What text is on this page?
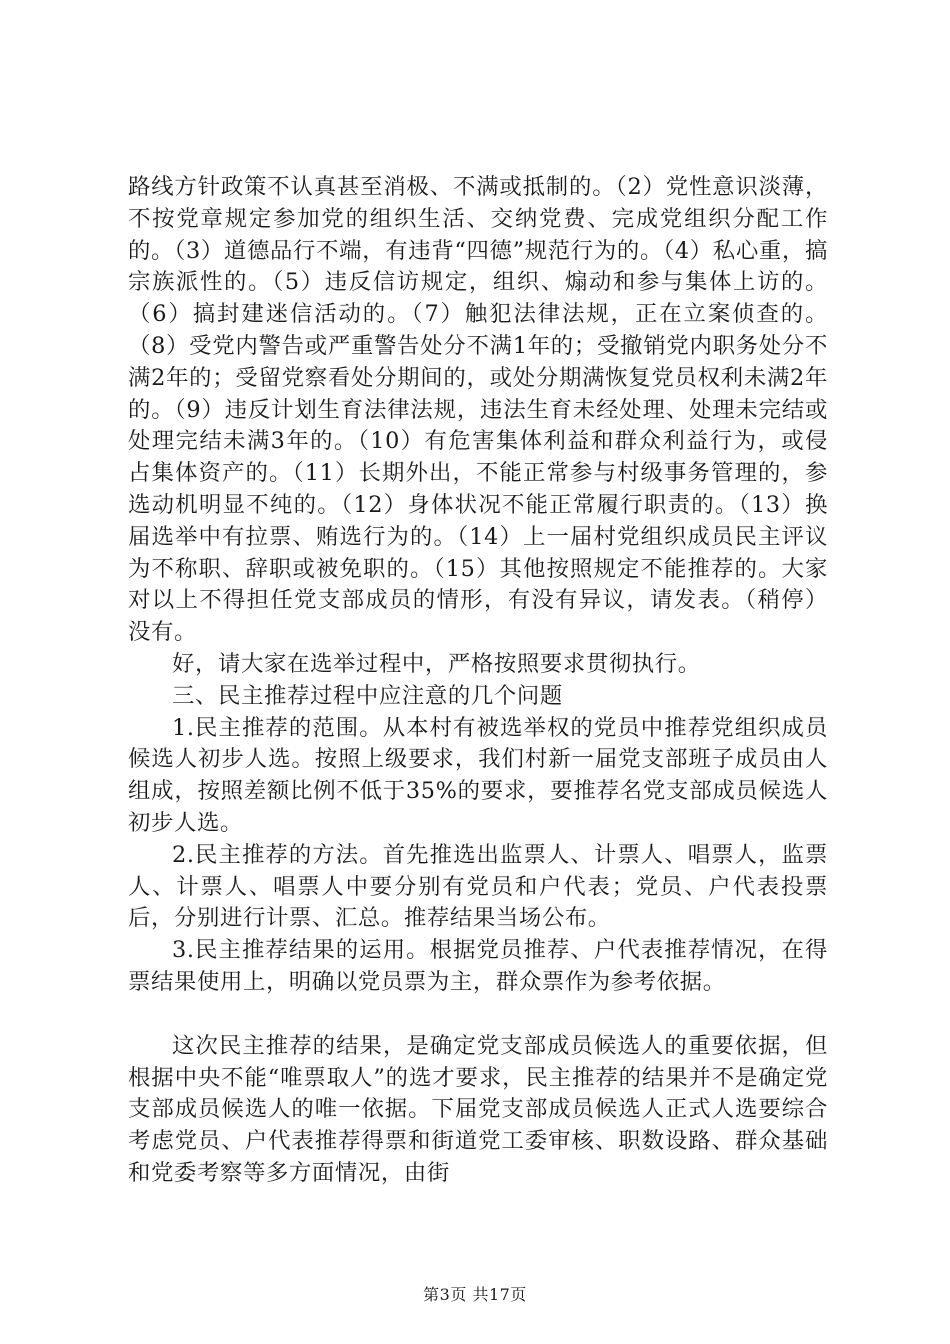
路线方针政策不认真甚至消极、不满或抵制的。（2）党性意识淡薄，不按党章规定参加党的组织生活、交纳党费、完成党组织分配工作的。（3）道德品行不端，有违背“四德”规范行为的。（4）私心重，搞宗族派性的。（5）违反信访规定，组织、煽动和参与集体上访的。（6）搞封建迷信活动的。（7）触犯法律法规，正在立案侦查的。（8）受党内警告或严重警告处分不满1年的；受撤销党内职务处分不满2年的；受留党察看处分期间的，或处分期满恢复党员权利未满2年的。（9）违反计划生育法律法规，违法生育未经处理、处理未完结或处理完结未满3年的。（10）有危害集体利益和群众利益行为，或侵占集体资产的。（11）长期外出，不能正常参与村级事务管理的，参选动机明显不纯的。（12）身体状况不能正常履行职责的。（13）换届选举中有拉票、贿选行为的。（14）上一届村党组织成员民主评议为不称职、辞职或被免职的。（15）其他按照规定不能推荐的。大家对以上不得担任党支部成员的情形，有没有异议，请发表。（稍停）没有。

好，请大家在选举过程中，严格按照要求贯彻执行。

三、民主推荐过程中应注意的几个问题

1.民主推荐的范围。从本村有被选举权的党员中推荐党组织成员候选人初步人选。按照上级要求，我们村新一届党支部班子成员由人组成，按照差额比例不低于35%的要求，要推荐名党支部成员候选人初步人选。

2.民主推荐的方法。首先推选出监票人、计票人、唱票人，监票人、计票人、唱票人中要分别有党员和户代表；党员、户代表投票后，分别进行计票、汇总。推荐结果当场公布。

3.民主推荐结果的运用。根据党员推荐、户代表推荐情况，在得票结果使用上，明确以党员票为主，群众票作为参考依据。

这次民主推荐的结果，是确定党支部成员候选人的重要依据，但根据中央不能“唯票取人”的选才要求，民主推荐的结果并不是确定党支部成员候选人的唯一依据。下届党支部成员候选人正式人选要综合考虑党员、户代表推荐得票和街道党工委审核、职数设路、群众基础和党委考察等多方面情况，由街

第3页 共17页
